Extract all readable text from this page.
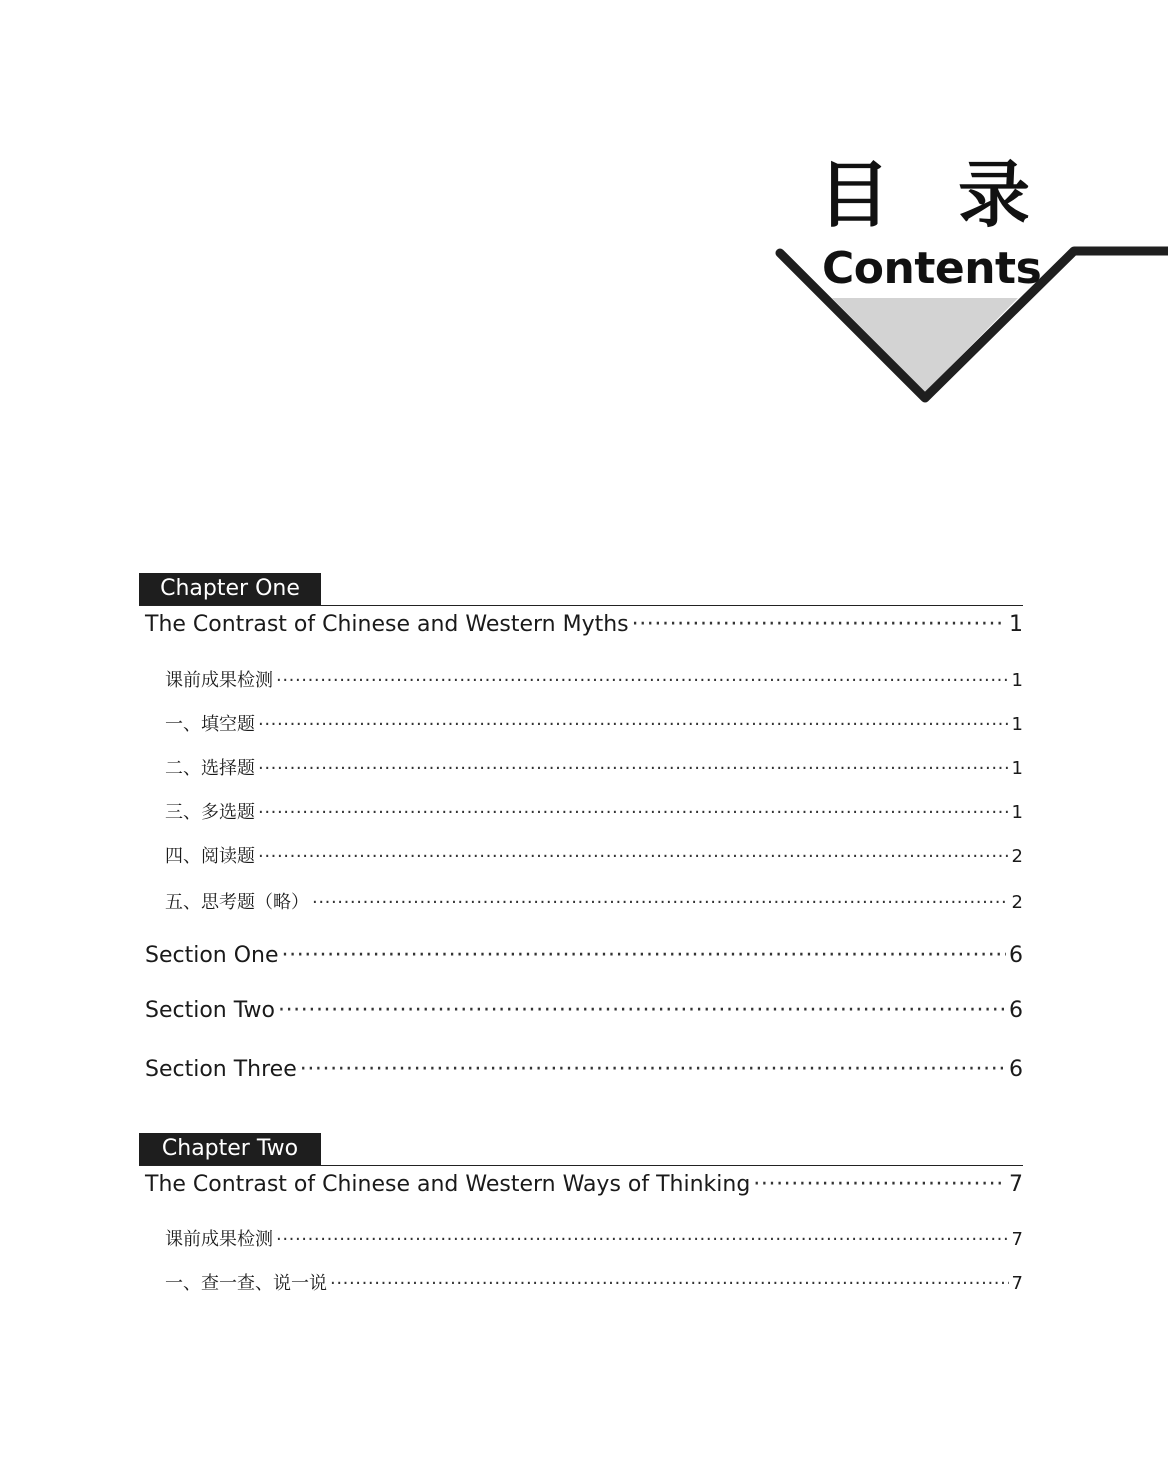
目 录
Contents
Chapter One
The Contrast of Chinese and Western Myths ·····	1
课前成果检测 ·····	1
一、填空题 ·····	1
二、选择题 ·····	1
三、多选题 ·····	1
四、阅读题 ·····	2
五、思考题（略） ·····	2
Section One ·····	6
Section Two ·····	6
Section Three ·····	6
Chapter Two
The Contrast of Chinese and Western Ways of Thinking ·····	7
课前成果检测 ·····	7
一、查一查、说一说 ·····	7
